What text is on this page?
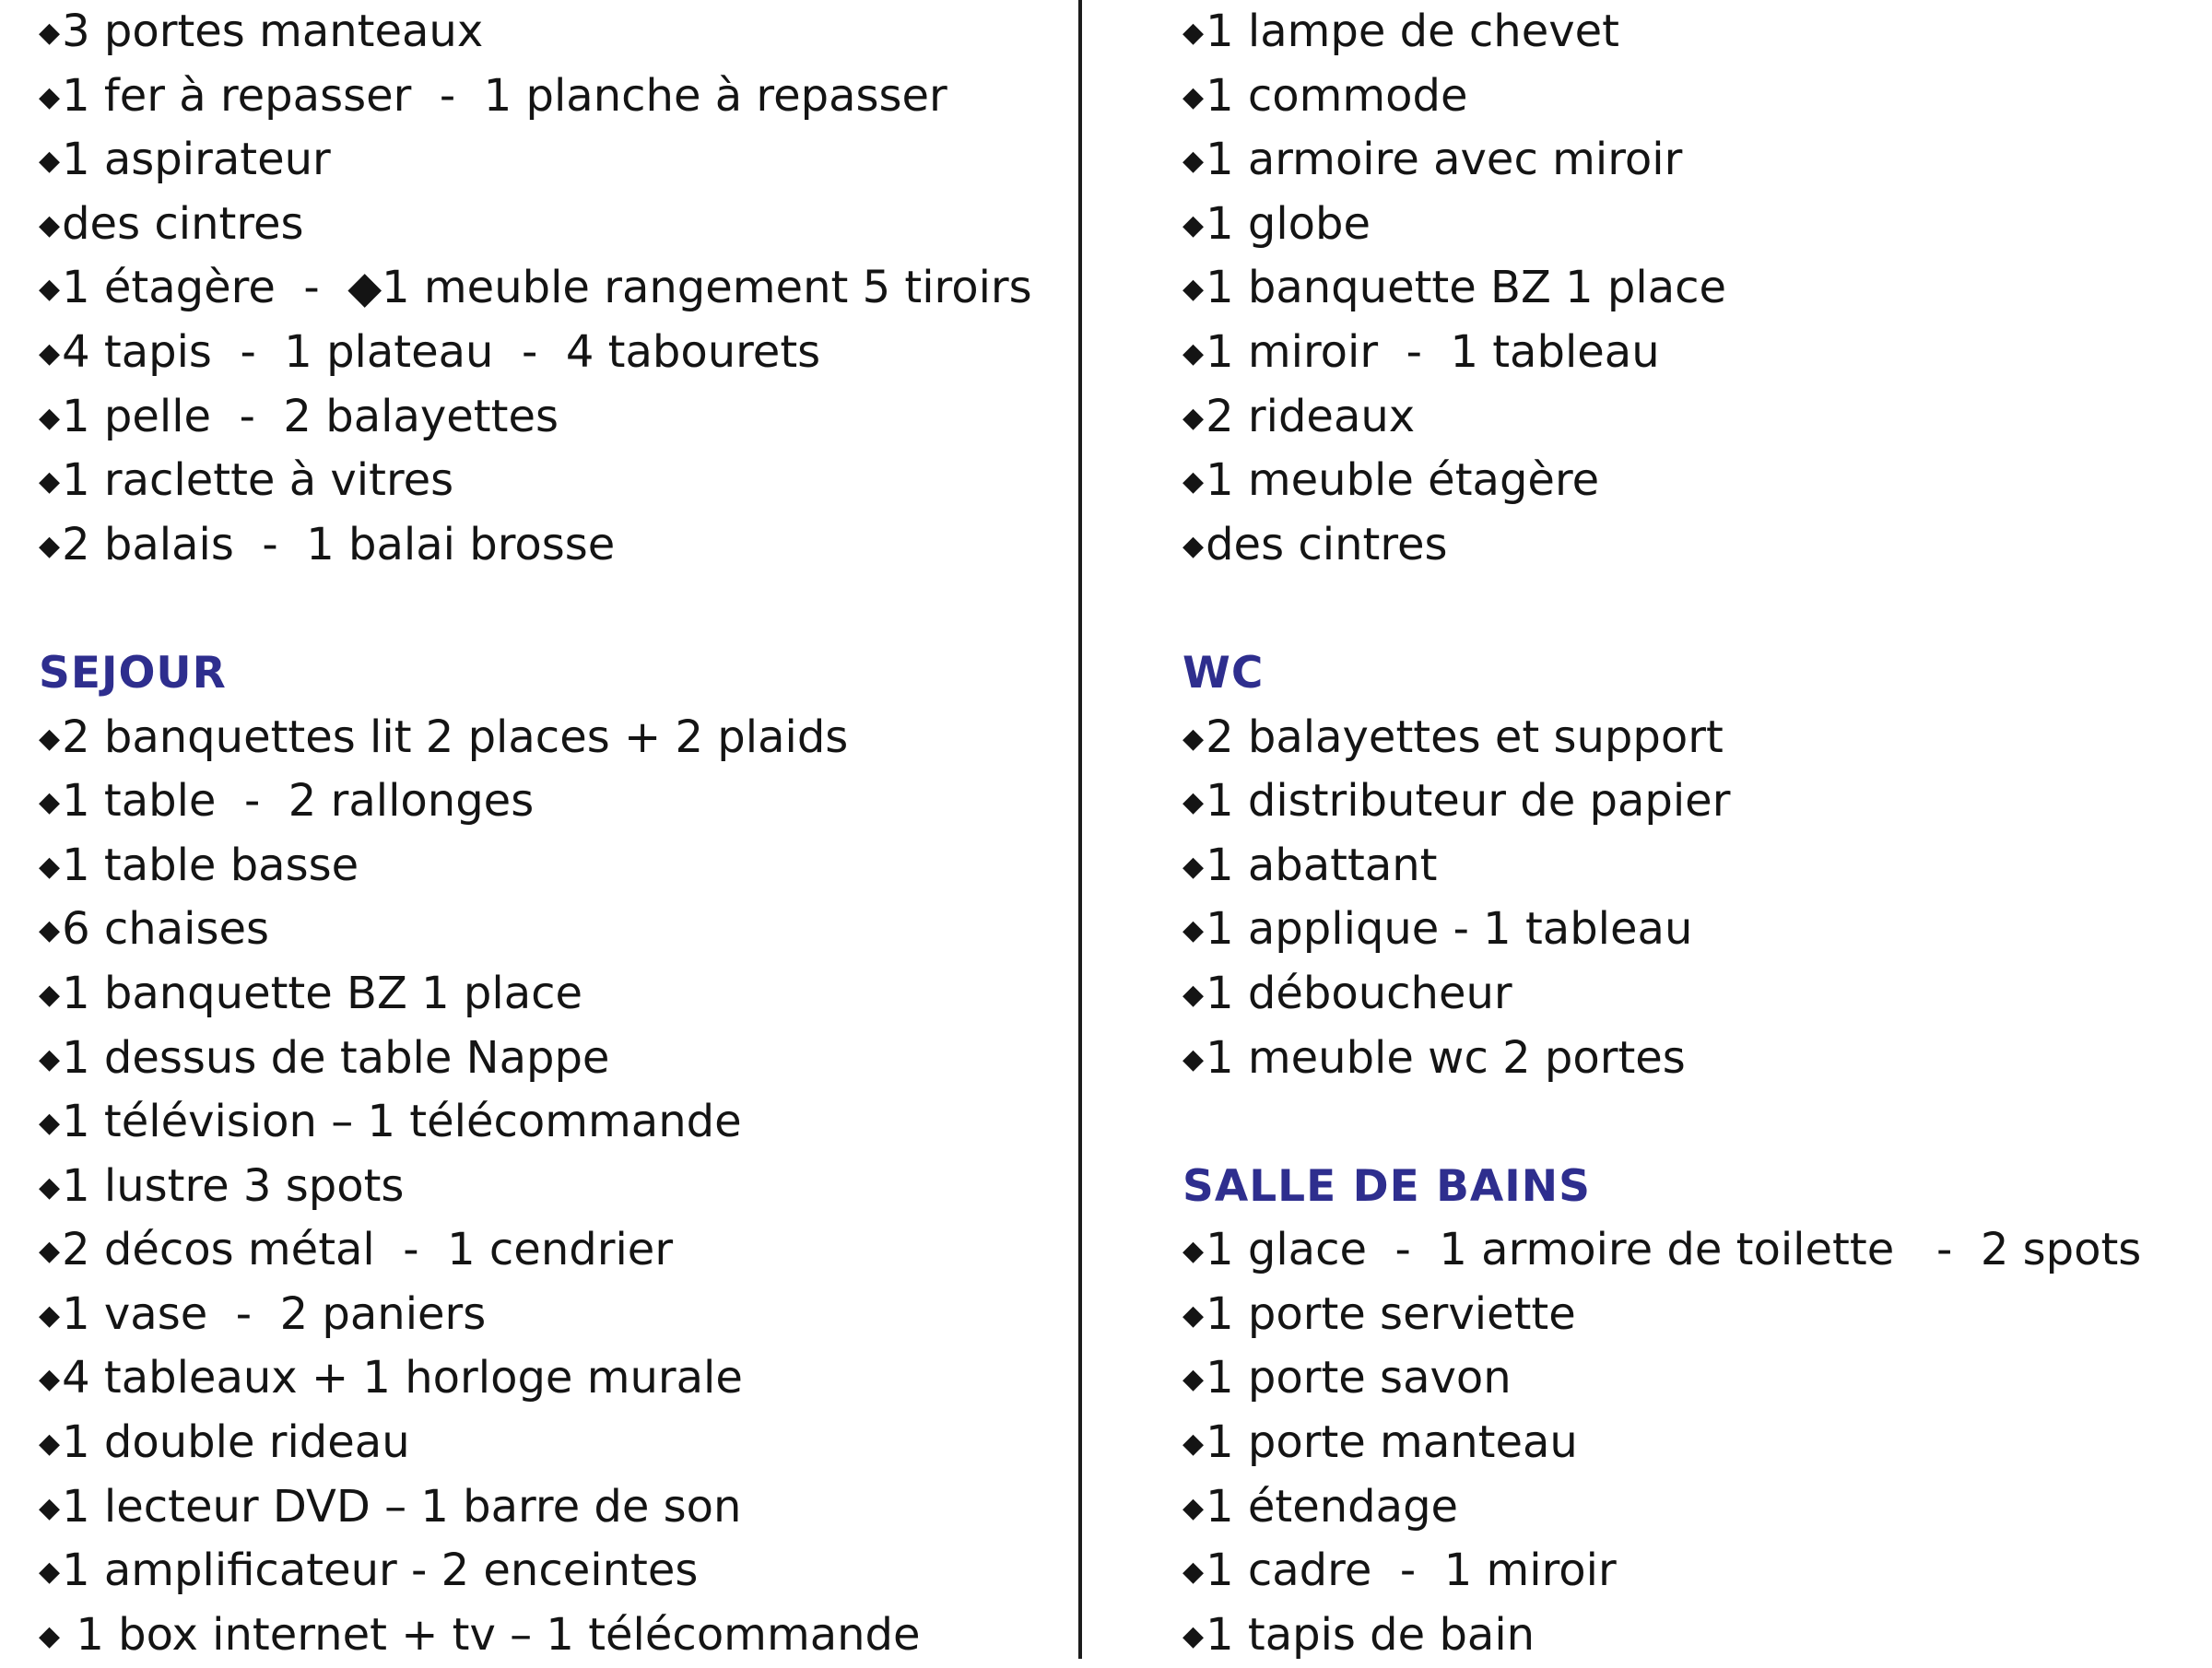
◆3 portes manteaux
◆1 fer à repasser  -  1 planche à repasser
◆1 aspirateur
◆des cintres
◆1 étagère  -  ◆1 meuble rangement 5 tiroirs
◆4 tapis  -  1 plateau  -  4 tabourets
◆1 pelle  -  2 balayettes
◆1 raclette à vitres
◆2 balais  -  1 balai brosse
SEJOUR
◆2 banquettes lit 2 places + 2 plaids
◆1 table  -  2 rallonges
◆1 table basse
◆6 chaises
◆1 banquette BZ 1 place
◆1 dessus de table Nappe
◆1 télévision – 1 télécommande
◆1 lustre 3 spots
◆2 décos métal  -  1 cendrier
◆1 vase  -  2 paniers
◆4 tableaux + 1 horloge murale
◆1 double rideau
◆1 lecteur DVD – 1 barre de son
◆1 amplificateur - 2 enceintes
◆ 1 box internet + tv – 1 télécommande
◆1 lampe de chevet
◆1 commode
◆1 armoire avec miroir
◆1 globe
◆1 banquette BZ 1 place
◆1 miroir  -  1 tableau
◆2 rideaux
◆1 meuble étagère
◆des cintres
WC
◆2 balayettes et support
◆1 distributeur de papier
◆1 abattant
◆1 applique - 1 tableau
◆1 déboucheur
◆1 meuble wc 2 portes
SALLE DE BAINS
◆1 glace  -  1 armoire de toilette   -  2 spots
◆1 porte serviette
◆1 porte savon
◆1 porte manteau
◆1 étendage
◆1 cadre  -  1 miroir
◆1 tapis de bain
